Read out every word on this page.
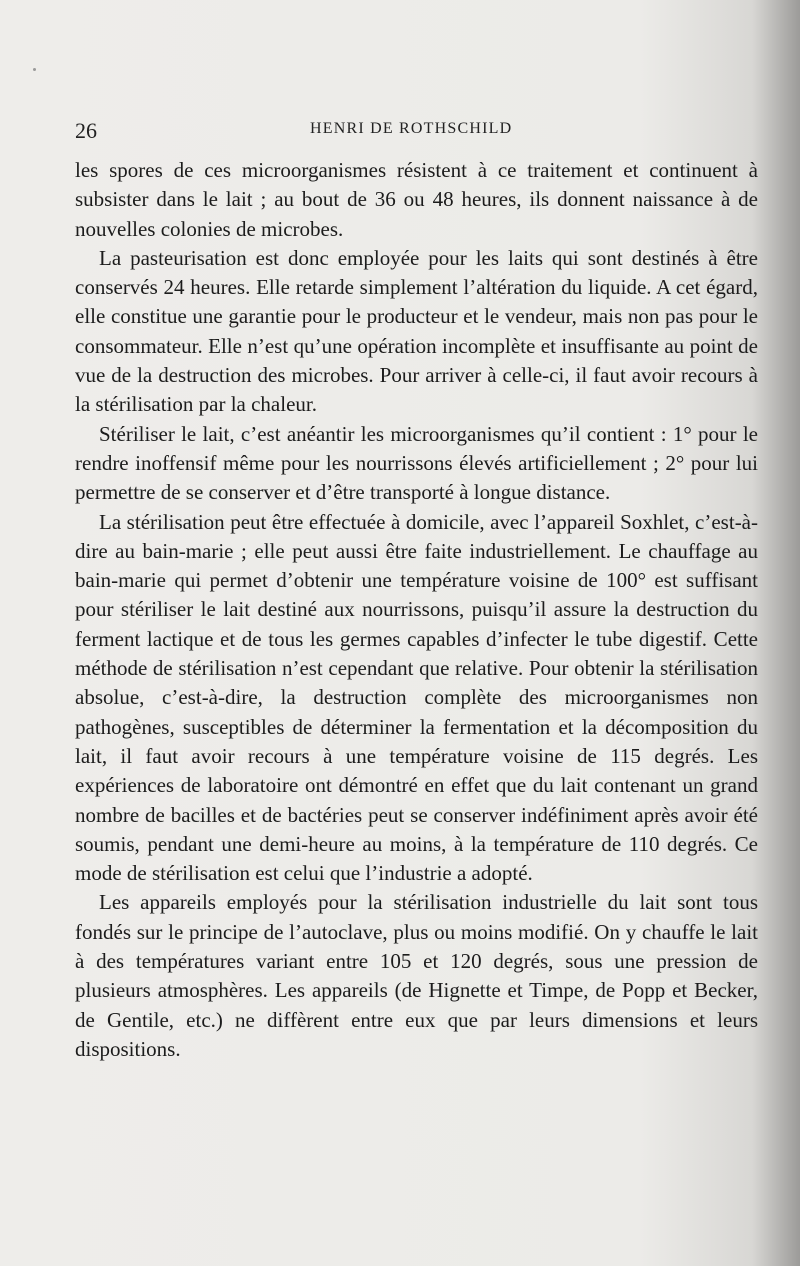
26	HENRI DE ROTHSCHILD

les spores de ces microorganismes résistent à ce traitement et continuent à subsister dans le lait ; au bout de 36 ou 48 heures, ils donnent naissance à de nouvelles colonies de microbes.

La pasteurisation est donc employée pour les laits qui sont destinés à être conservés 24 heures. Elle retarde simplement l’altération du liquide. A cet égard, elle constitue une garantie pour le producteur et le vendeur, mais non pas pour le consommateur. Elle n’est qu’une opération incomplète et insuffisante au point de vue de la destruction des microbes. Pour arriver à celle-ci, il faut avoir recours à la stérilisation par la chaleur.

Stériliser le lait, c’est anéantir les microorganismes qu’il contient : 1° pour le rendre inoffensif même pour les nourrissons élevés artificiellement ; 2° pour lui permettre de se conserver et d’être transporté à longue distance.

La stérilisation peut être effectuée à domicile, avec l’appareil Soxhlet, c’est-à-dire au bain-marie ; elle peut aussi être faite industriellement. Le chauffage au bain-marie qui permet d’obtenir une température voisine de 100° est suffisant pour stériliser le lait destiné aux nourrissons, puisqu’il assure la destruction du ferment lactique et de tous les germes capables d’infecter le tube digestif. Cette méthode de stérilisation n’est cependant que relative. Pour obtenir la stérilisation absolue, c’est-à-dire, la destruction complète des microorganismes non pathogènes, susceptibles de déterminer la fermentation et la décomposition du lait, il faut avoir recours à une température voisine de 115 degrés. Les expériences de laboratoire ont démontré en effet que du lait contenant un grand nombre de bacilles et de bactéries peut se conserver indéfiniment après avoir été soumis, pendant une demi-heure au moins, à la température de 110 degrés. Ce mode de stérilisation est celui que l’industrie a adopté.

Les appareils employés pour la stérilisation industrielle du lait sont tous fondés sur le principe de l’autoclave, plus ou moins modifié. On y chauffe le lait à des températures variant entre 105 et 120 degrés, sous une pression de plusieurs atmosphères. Les appareils (de Hignette et Timpe, de Popp et Becker, de Gentile, etc.) ne diffèrent entre eux que par leurs dimensions et leurs dispositions.
